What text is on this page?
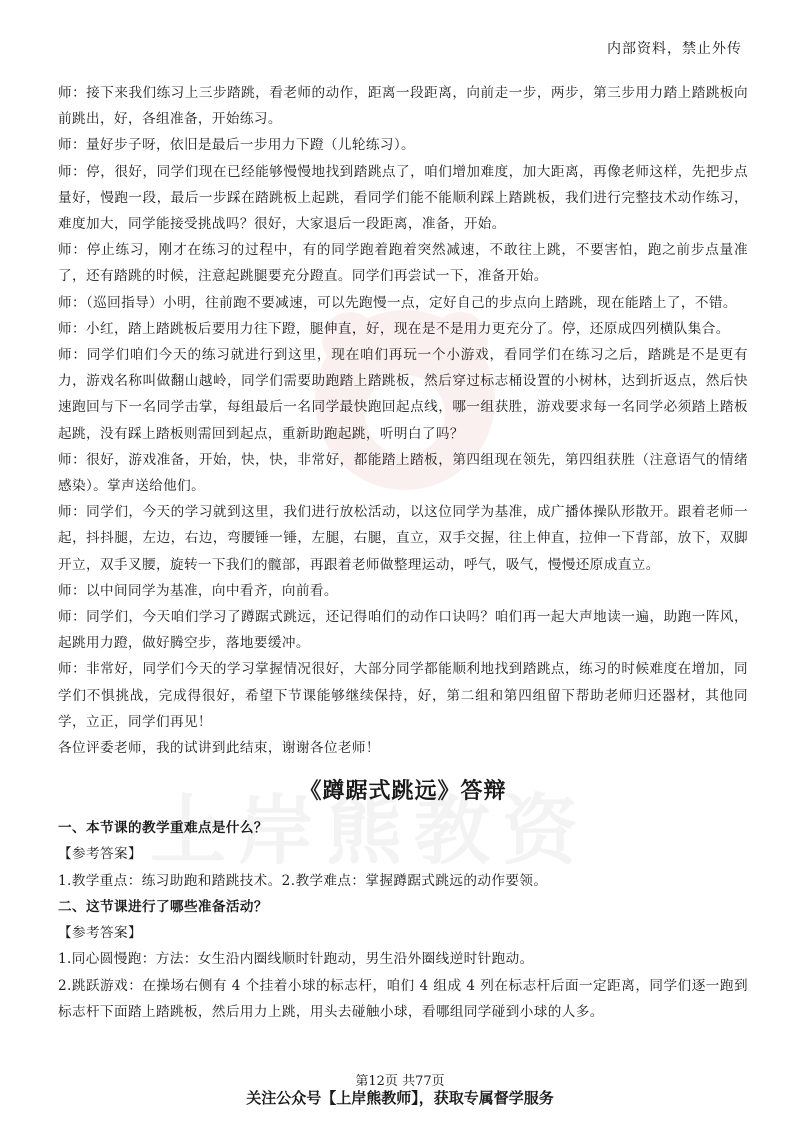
内部资料，禁止外传

师：接下来我们练习上三步踏跳，看老师的动作，距离一段距离，向前走一步，两步，第三步用力踏上踏跳板向前跳出，好，各组准备，开始练习。

师：量好步子呀，依旧是最后一步用力下蹬（儿轮练习）。

师：停，很好，同学们现在已经能够慢慢地找到踏跳点了，咱们增加难度，加大距离，再像老师这样，先把步点量好，慢跑一段，最后一步踩在踏跳板上起跳，看同学们能不能顺利踩上踏跳板，我们进行完整技术动作练习，难度加大，同学能接受挑战吗？很好，大家退后一段距离，准备，开始。

师：停止练习，刚才在练习的过程中，有的同学跑着跑着突然减速，不敢往上跳，不要害怕，跑之前步点量准了，还有踏跳的时候，注意起跳腿要充分蹬直。同学们再尝试一下，准备开始。

师：（巡回指导）小明，往前跑不要减速，可以先跑慢一点，定好自己的步点向上踏跳，现在能踏上了，不错。

师：小红，踏上踏跳板后要用力往下蹬，腿伸直，好，现在是不是用力更充分了。停，还原成四列横队集合。

师：同学们咱们今天的练习就进行到这里，现在咱们再玩一个小游戏，看同学们在练习之后，踏跳是不是更有力，游戏名称叫做翻山越岭，同学们需要助跑踏上踏跳板，然后穿过标志桶设置的小树林，达到折返点，然后快速跑回与下一名同学击掌，每组最后一名同学最快跑回起点线，哪一组获胜，游戏要求每一名同学必须踏上踏板起跳，没有踩上踏板则需回到起点，重新助跑起跳，听明白了吗？

师：很好，游戏准备，开始，快，快，非常好，都能踏上踏板，第四组现在领先，第四组获胜（注意语气的情绪感染）。掌声送给他们。

师：同学们，今天的学习就到这里，我们进行放松活动，以这位同学为基准，成广播体操队形散开。跟着老师一起，抖抖腿，左边，右边，弯腰锤一锤，左腿，右腿，直立，双手交握，往上伸直，拉伸一下背部，放下，双脚开立，双手叉腰，旋转一下我们的髋部，再跟着老师做整理运动，呼气，吸气，慢慢还原成直立。

师：以中间同学为基准，向中看齐，向前看。

师：同学们，今天咱们学习了蹲踞式跳远，还记得咱们的动作口诀吗？咱们再一起大声地读一遍，助跑一阵风，起跳用力蹬，做好腾空步，落地要缓冲。

师：非常好，同学们今天的学习掌握情况很好，大部分同学都能顺利地找到踏跳点，练习的时候难度在增加，同学们不惧挑战，完成得很好，希望下节课能够继续保持，好，第二组和第四组留下帮助老师归还器材，其他同学，立正，同学们再见！

各位评委老师，我的试讲到此结束，谢谢各位老师！

《蹲踞式跳远》答辩

一、本节课的教学重难点是什么？

【参考答案】

1.教学重点：练习助跑和踏跳技术。2.教学难点：掌握蹲踞式跳远的动作要领。

二、这节课进行了哪些准备活动？

【参考答案】

1.同心圆慢跑：方法：女生沿内圈线顺时针跑动，男生沿外圈线逆时针跑动。

2.跳跃游戏：在操场右侧有 4 个挂着小球的标志杆，咱们 4 组成 4 列在标志杆后面一定距离，同学们逐一跑到标志杆下面踏上踏跳板，然后用力上跳，用头去碰触小球，看哪组同学碰到小球的人多。

第12页 共77页
关注公众号【上岸熊教师】，获取专属督学服务
